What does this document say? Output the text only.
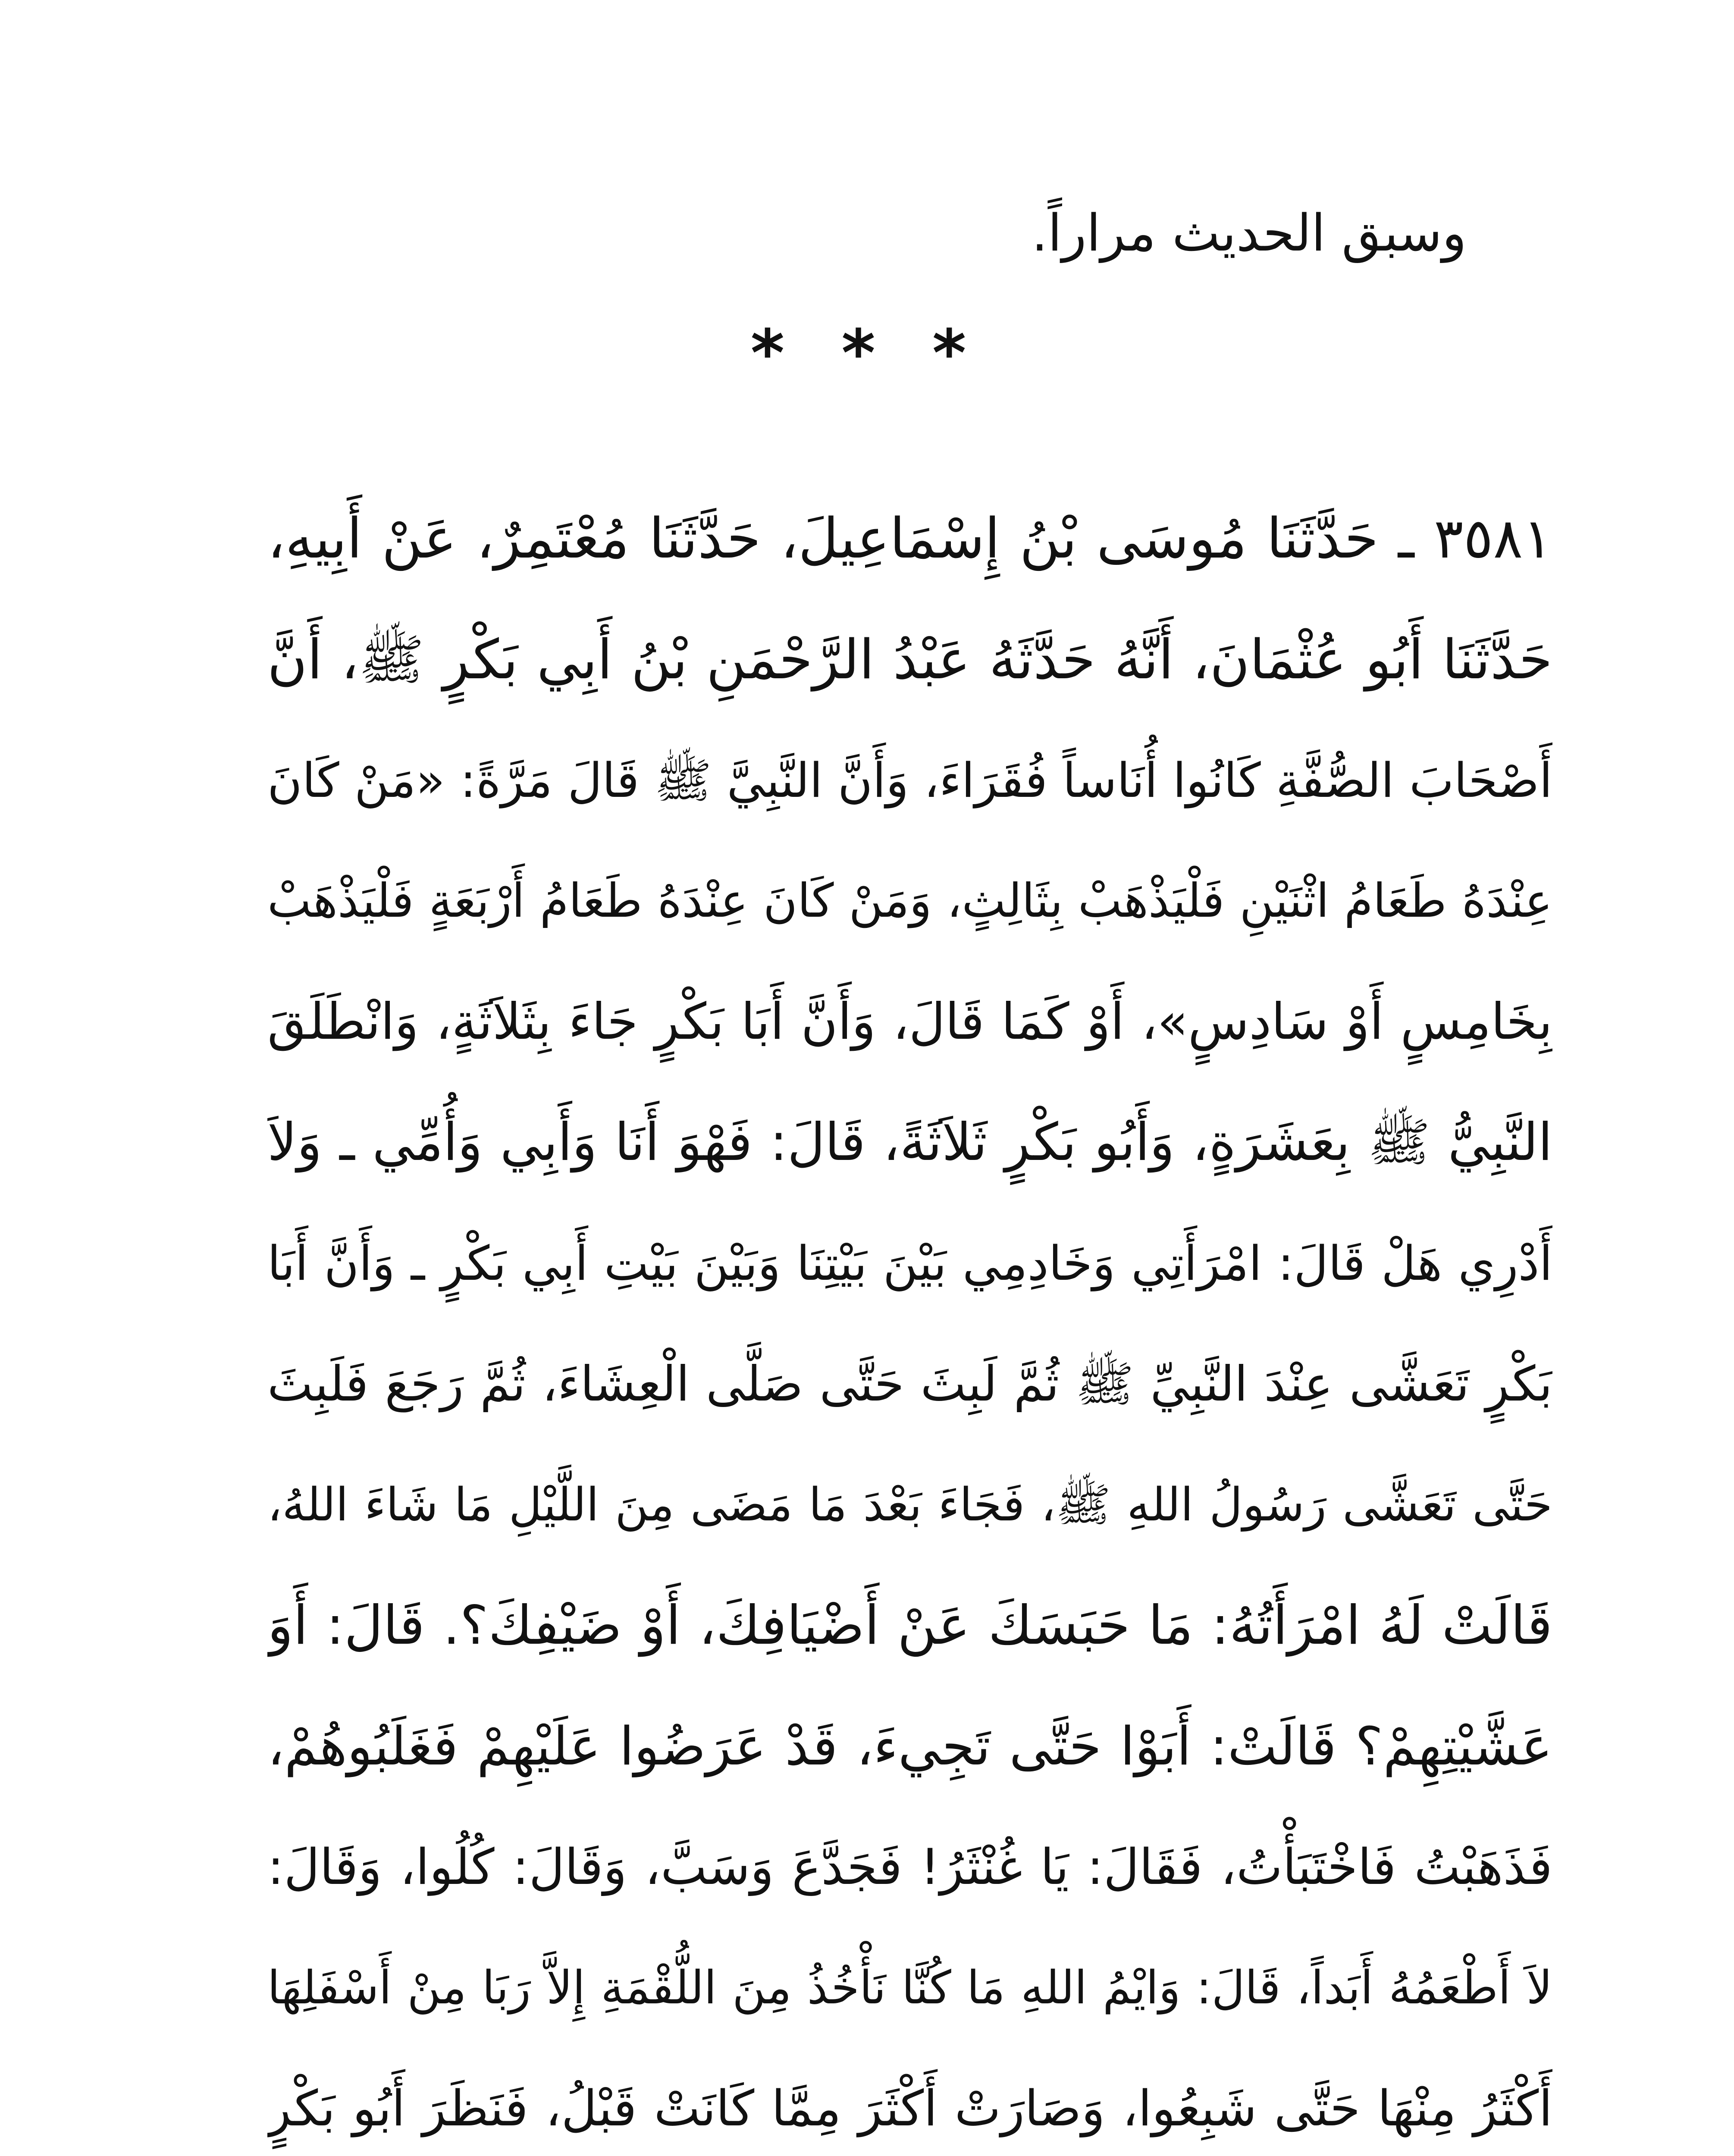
وسبق الحديث مراراً.
* * *
٣٥٨١ ـ حَدَّثَنَا مُوسَى بْنُ إِسْمَاعِيلَ، حَدَّثَنَا مُعْتَمِرٌ، عَنْ أَبِيهِ،
حَدَّثَنَا أَبُو عُثْمَانَ، أَنَّهُ حَدَّثَهُ عَبْدُ الرَّحْمَنِ بْنُ أَبِي بَكْرٍ ﷺ، أَنَّ
أَصْحَابَ الصُّفَّةِ كَانُوا أُنَاساً فُقَرَاءَ، وَأَنَّ النَّبِيَّ ﷺ قَالَ مَرَّةً: «مَنْ كَانَ
عِنْدَهُ طَعَامُ اثْنَيْنِ فَلْيَذْهَبْ بِثَالِثٍ، وَمَنْ كَانَ عِنْدَهُ طَعَامُ أَرْبَعَةٍ فَلْيَذْهَبْ
بِخَامِسٍ أَوْ سَادِسٍ»، أَوْ كَمَا قَالَ، وَأَنَّ أَبَا بَكْرٍ جَاءَ بِثَلاَثَةٍ، وَانْطَلَقَ
النَّبِيُّ ﷺ بِعَشَرَةٍ، وَأَبُو بَكْرٍ ثَلاَثَةً، قَالَ: فَهْوَ أَنَا وَأَبِي وَأُمِّي ـ وَلاَ
أَدْرِي هَلْ قَالَ: امْرَأَتِي وَخَادِمِي بَيْنَ بَيْتِنَا وَبَيْنَ بَيْتِ أَبِي بَكْرٍ ـ وَأَنَّ أَبَا
بَكْرٍ تَعَشَّى عِنْدَ النَّبِيِّ ﷺ ثُمَّ لَبِثَ حَتَّى صَلَّى الْعِشَاءَ، ثُمَّ رَجَعَ فَلَبِثَ
حَتَّى تَعَشَّى رَسُولُ اللهِ ﷺ، فَجَاءَ بَعْدَ مَا مَضَى مِنَ اللَّيْلِ مَا شَاءَ اللهُ،
قَالَتْ لَهُ امْرَأَتُهُ: مَا حَبَسَكَ عَنْ أَضْيَافِكَ، أَوْ ضَيْفِكَ؟. قَالَ: أَوَ
عَشَّيْتِهِمْ؟ قَالَتْ: أَبَوْا حَتَّى تَجِيءَ، قَدْ عَرَضُوا عَلَيْهِمْ فَغَلَبُوهُمْ،
فَذَهَبْتُ فَاخْتَبَأْتُ، فَقَالَ: يَا غُنْثَرُ! فَجَدَّعَ وَسَبَّ، وَقَالَ: كُلُوا، وَقَالَ:
لاَ أَطْعَمُهُ أَبَداً، قَالَ: وَايْمُ اللهِ مَا كُنَّا نَأْخُذُ مِنَ اللُّقْمَةِ إِلاَّ رَبَا مِنْ أَسْفَلِهَا
أَكْثَرُ مِنْهَا حَتَّى شَبِعُوا، وَصَارَتْ أَكْثَرَ مِمَّا كَانَتْ قَبْلُ، فَنَظَرَ أَبُو بَكْرٍ
